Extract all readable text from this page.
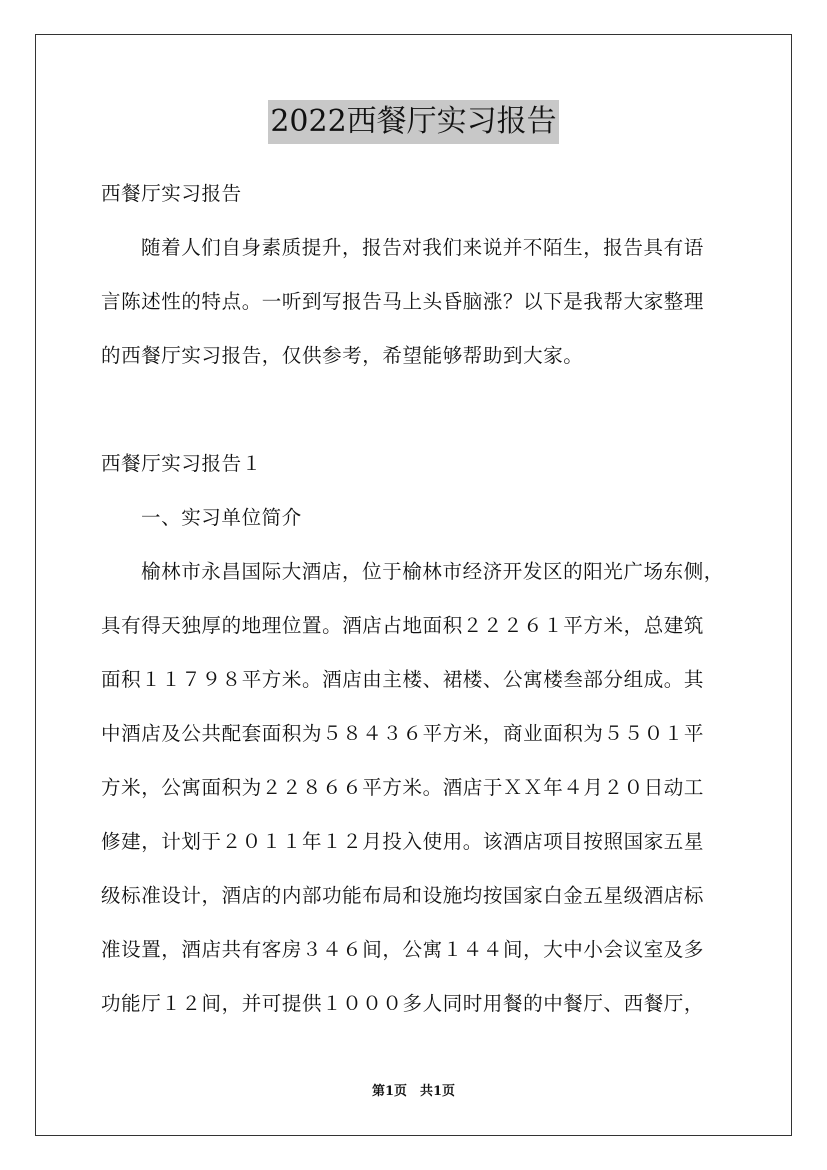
2022西餐厅实习报告
西餐厅实习报告
随着人们自身素质提升，报告对我们来说并不陌生，报告具有语
言陈述性的特点。一听到写报告马上头昏脑涨？以下是我帮大家整理
的西餐厅实习报告，仅供参考，希望能够帮助到大家。
西餐厅实习报告１
一、实习单位简介
榆林市永昌国际大酒店，位于榆林市经济开发区的阳光广场东侧，
具有得天独厚的地理位置。酒店占地面积２２２６１平方米，总建筑
面积１１７９８平方米。酒店由主楼、裙楼、公寓楼叁部分组成。其
中酒店及公共配套面积为５８４３６平方米，商业面积为５５０１平
方米，公寓面积为２２８６６平方米。酒店于ＸＸ年４月２０日动工
修建，计划于２０１１年１２月投入使用。该酒店项目按照国家五星
级标准设计，酒店的内部功能布局和设施均按国家白金五星级酒店标
准设置，酒店共有客房３４６间，公寓１４４间，大中小会议室及多
功能厅１２间，并可提供１０００多人同时用餐的中餐厅、西餐厅，
第1页　共1页
